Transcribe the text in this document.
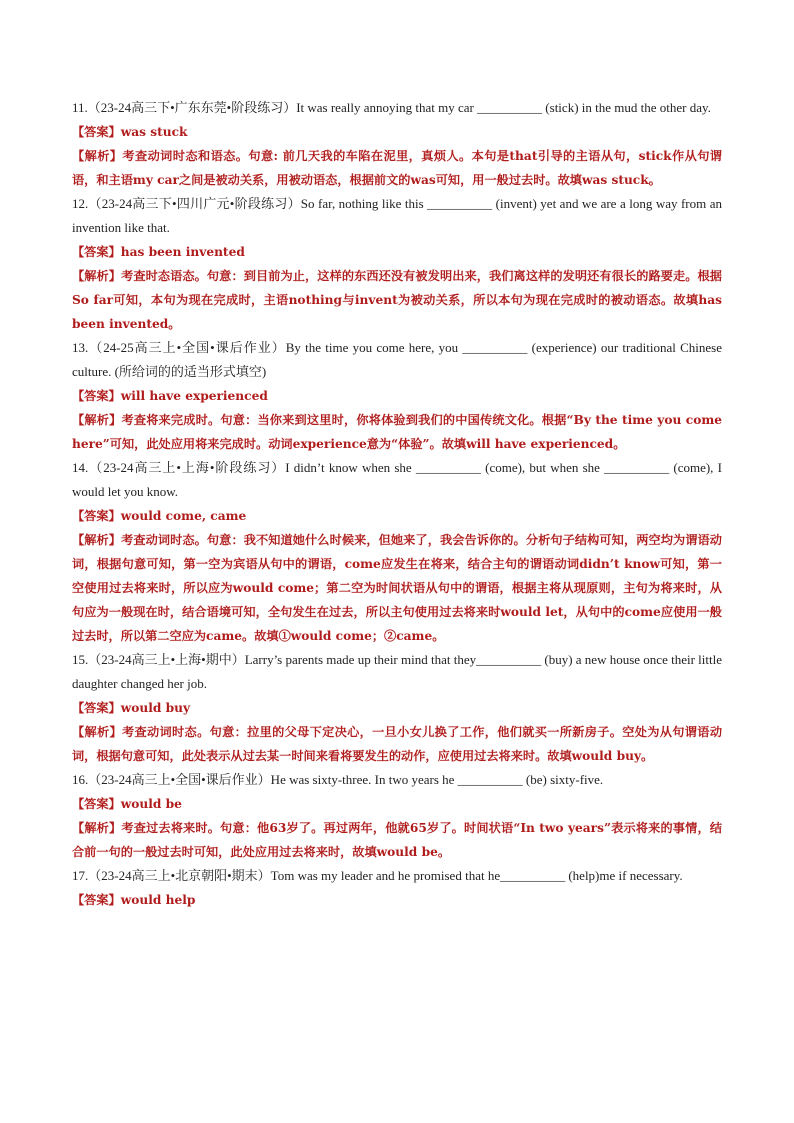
11.（23-24高三下•广东东莞•阶段练习）It was really annoying that my car __________ (stick) in the mud the other day.
【答案】was stuck
【解析】考查动词时态和语态。句意: 前几天我的车陷在泥里，真烦人。本句是that引导的主语从句，stick作从句谓语，和主语my car之间是被动关系，用被动语态，根据前文的was可知，用一般过去时。故填was stuck。
12.（23-24高三下•四川广元•阶段练习）So far, nothing like this __________ (invent) yet and we are a long way from an invention like that.
【答案】has been invented
【解析】考查时态语态。句意：到目前为止，这样的东西还没有被发明出来，我们离这样的发明还有很长的路要走。根据So far可知，本句为现在完成时，主语nothing与invent为被动关系，所以本句为现在完成时的被动语态。故填has been invented。
13.（24-25高三上•全国•课后作业）By the time you come here, you __________ (experience) our traditional Chinese culture. (所给词的的适当形式填空)
【答案】will have experienced
【解析】考查将来完成时。句意：当你来到这里时，你将体验到我们的中国传统文化。根据“By the time you come here”可知，此处应用将来完成时。动词experience意为“体验”。故填will have experienced。
14.（23-24高三上•上海•阶段练习）I didn’t know when she __________ (come), but when she __________ (come), I would let you know.
【答案】would come, came
【解析】考查动词时态。句意：我不知道她什么时候来，但她来了，我会告诉你的。分析句子结构可知，两空均为谓语动词，根据句意可知，第一空为宾语从句中的谓语，come应发生在将来，结合主句的谓语动词didn’t know可知，第一空使用过去将来时，所以应为would come；第二空为时间状语从句中的谓语，根据主将从现原则，主句为将来时，从句应为一般现在时，结合语境可知，全句发生在过去，所以主句使用过去将来时would let，从句中的come应使用一般过去时，所以第二空应为came。故填①would come；②came。
15.（23-24高三上•上海•期中）Larry’s parents made up their mind that they__________ (buy) a new house once their little daughter changed her job.
【答案】would buy
【解析】考查动词时态。句意：拉里的父母下定决心，一旦小女儿换了工作，他们就买一所新房子。空处为从句谓语动词，根据句意可知，此处表示从过去某一时间来看将要发生的动作，应使用过去将来时。故填would buy。
16.（23-24高三上•全国•课后作业）He was sixty-three. In two years he __________ (be) sixty-five.
【答案】would be
【解析】考查过去将来时。句意：他63岁了。再过两年，他就65岁了。时间状语“In two years”表示将来的事情，结合前一句的一般过去时可知，此处应用过去将来时，故填would be。
17.（23-24高三上•北京朝阳•期末）Tom was my leader and he promised that he__________ (help)me if necessary.
【答案】would help
